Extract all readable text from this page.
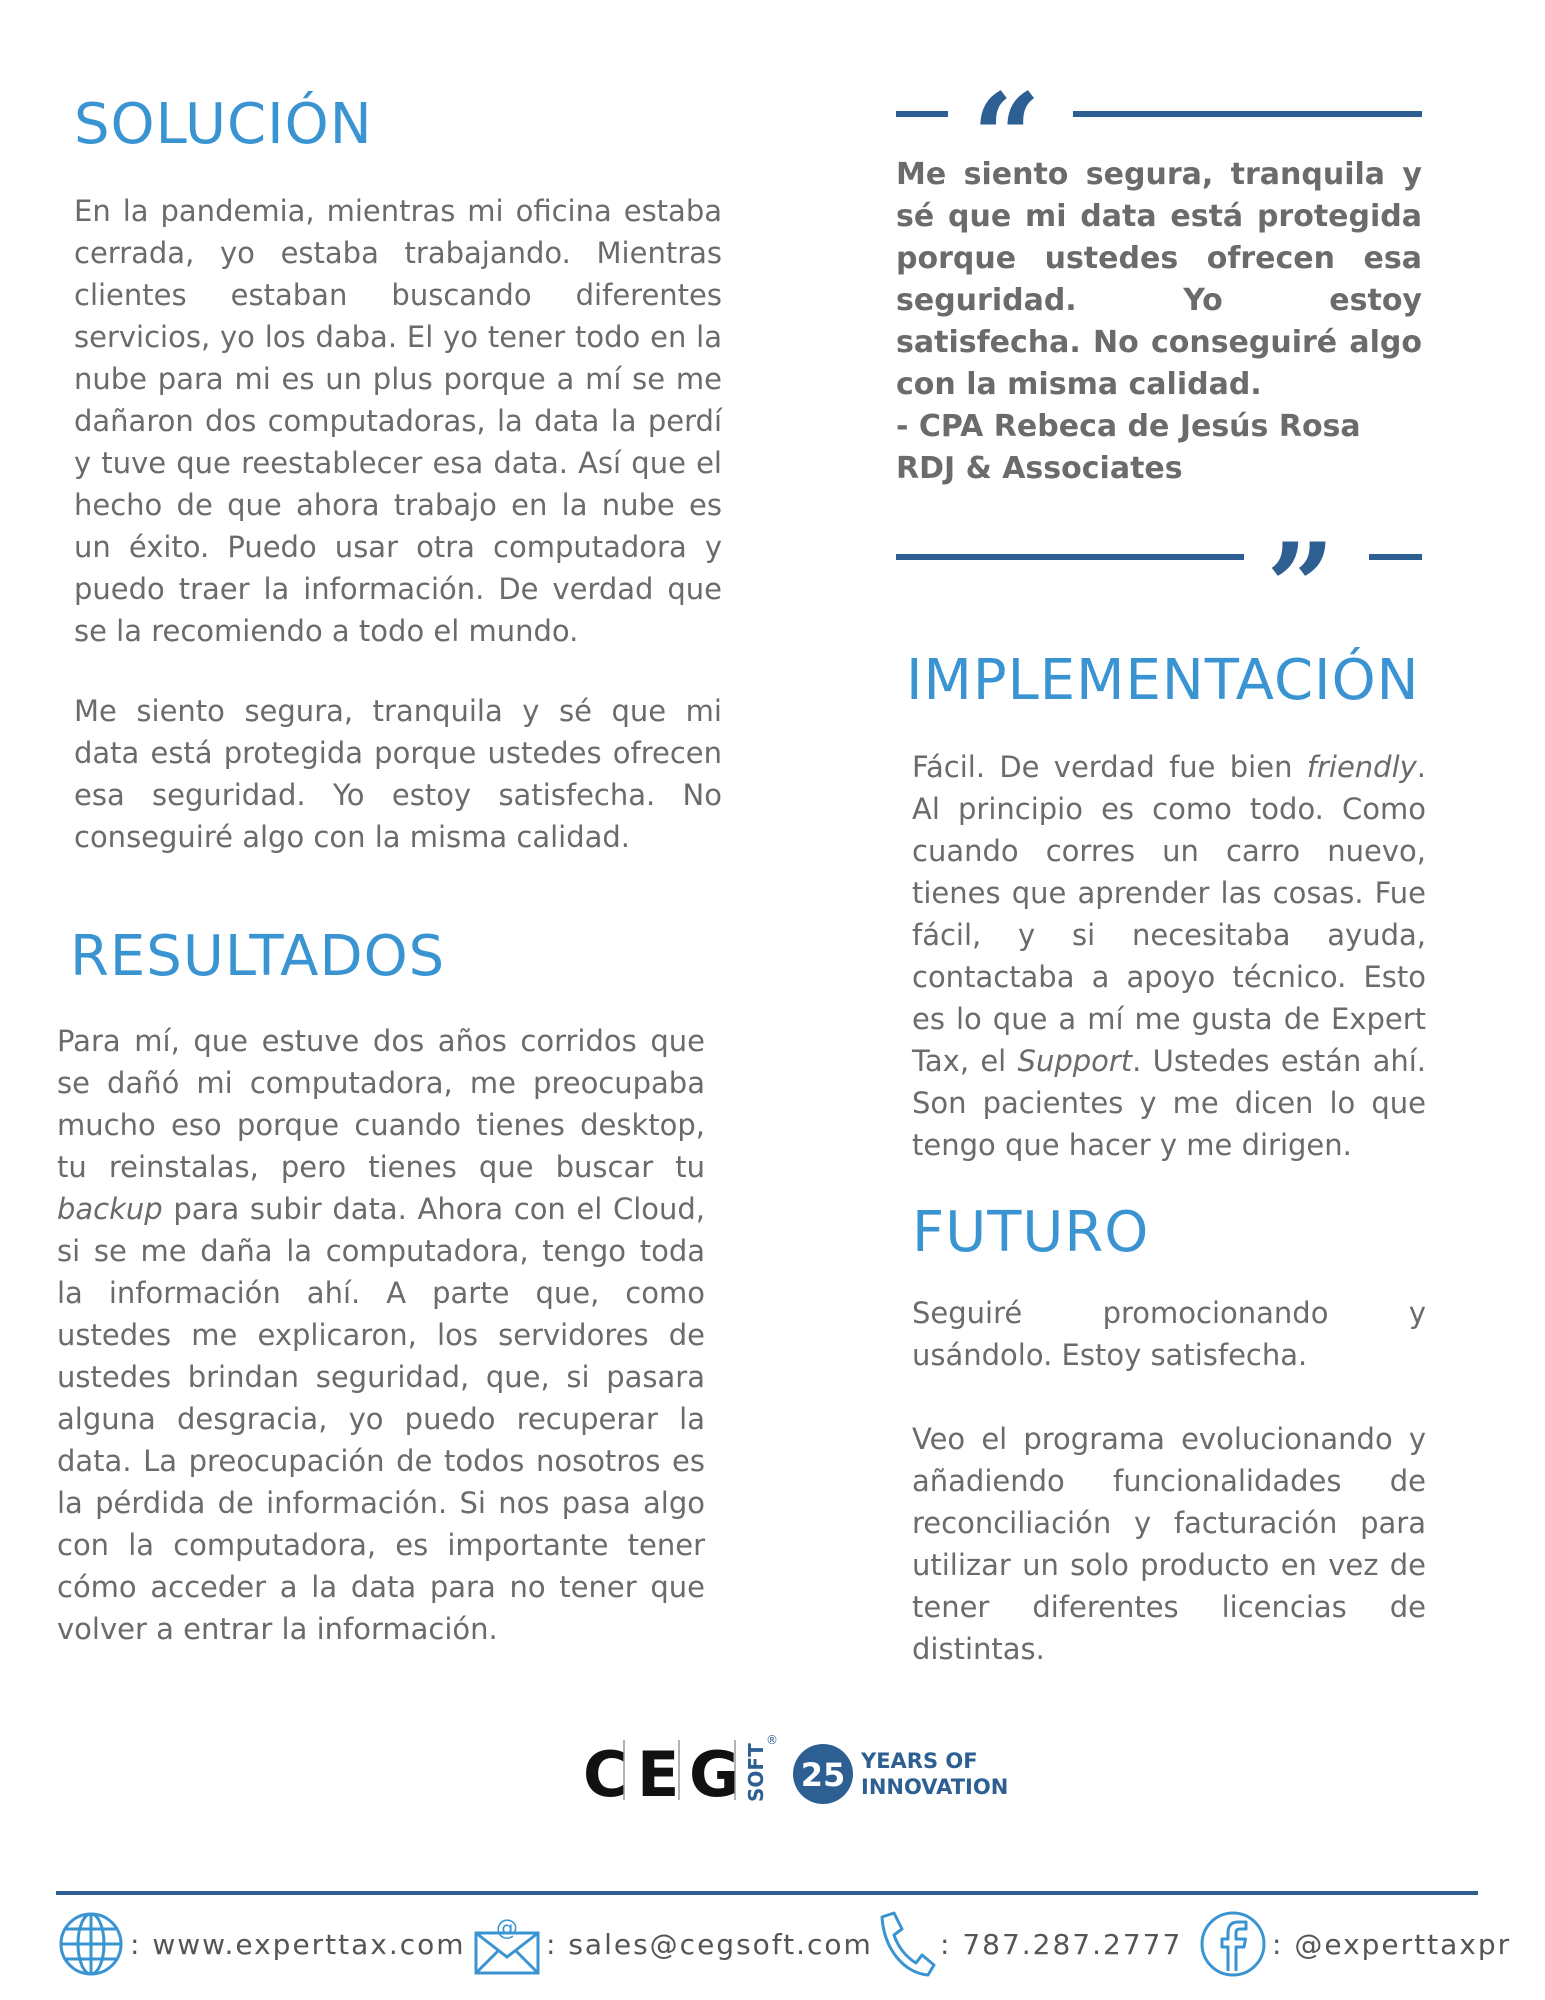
SOLUCIÓN

En la pandemia, mientras mi oficina estaba cerrada, yo estaba trabajando. Mientras clientes estaban buscando diferentes servicios, yo los daba. El yo tener todo en la nube para mi es un plus porque a mí se me dañaron dos computadoras, la data la perdí y tuve que reestablecer esa data. Así que el hecho de que ahora trabajo en la nube es un éxito. Puedo usar otra computadora y puedo traer la información. De verdad que se la recomiendo a todo el mundo.

Me siento segura, tranquila y sé que mi data está protegida porque ustedes ofrecen esa seguridad. Yo estoy satisfecha. No conseguiré algo con la misma calidad.

RESULTADOS

Para mí, que estuve dos años corridos que se dañó mi computadora, me preocupaba mucho eso porque cuando tienes desktop, tu reinstalas, pero tienes que buscar tu backup para subir data. Ahora con el Cloud, si se me daña la computadora, tengo toda la información ahí. A parte que, como ustedes me explicaron, los servidores de ustedes brindan seguridad, que, si pasara alguna desgracia, yo puedo recuperar la data. La preocupación de todos nosotros es la pérdida de información. Si nos pasa algo con la computadora, es importante tener cómo acceder a la data para no tener que volver a entrar la información.

“

Me siento segura, tranquila y sé que mi data está protegida porque ustedes ofrecen esa seguridad. Yo estoy satisfecha. No conseguiré algo con la misma calidad.

- CPA Rebeca de Jesús Rosa

RDJ & Associates

”
IMPLEMENTACIÓN

Fácil. De verdad fue bien friendly. Al principio es como todo. Como cuando corres un carro nuevo, tienes que aprender las cosas. Fue fácil, y si necesitaba ayuda, contactaba a apoyo técnico. Esto es lo que a mí me gusta de Expert Tax, el Support. Ustedes están ahí. Son pacientes y me dicen lo que tengo que hacer y me dirigen.

FUTURO

Seguiré promocionando y usándolo. Estoy satisfecha.

Veo el programa evolucionando y añadiendo funcionalidades de reconciliación y facturación para utilizar un solo producto en vez de tener diferentes licencias de distintas.

C E G SOFT
®
25 YEARS OF
INNOVATION
: www.experttax.com @ : sales@cegsoft.com : 787.287.2777	: @experttaxpr
